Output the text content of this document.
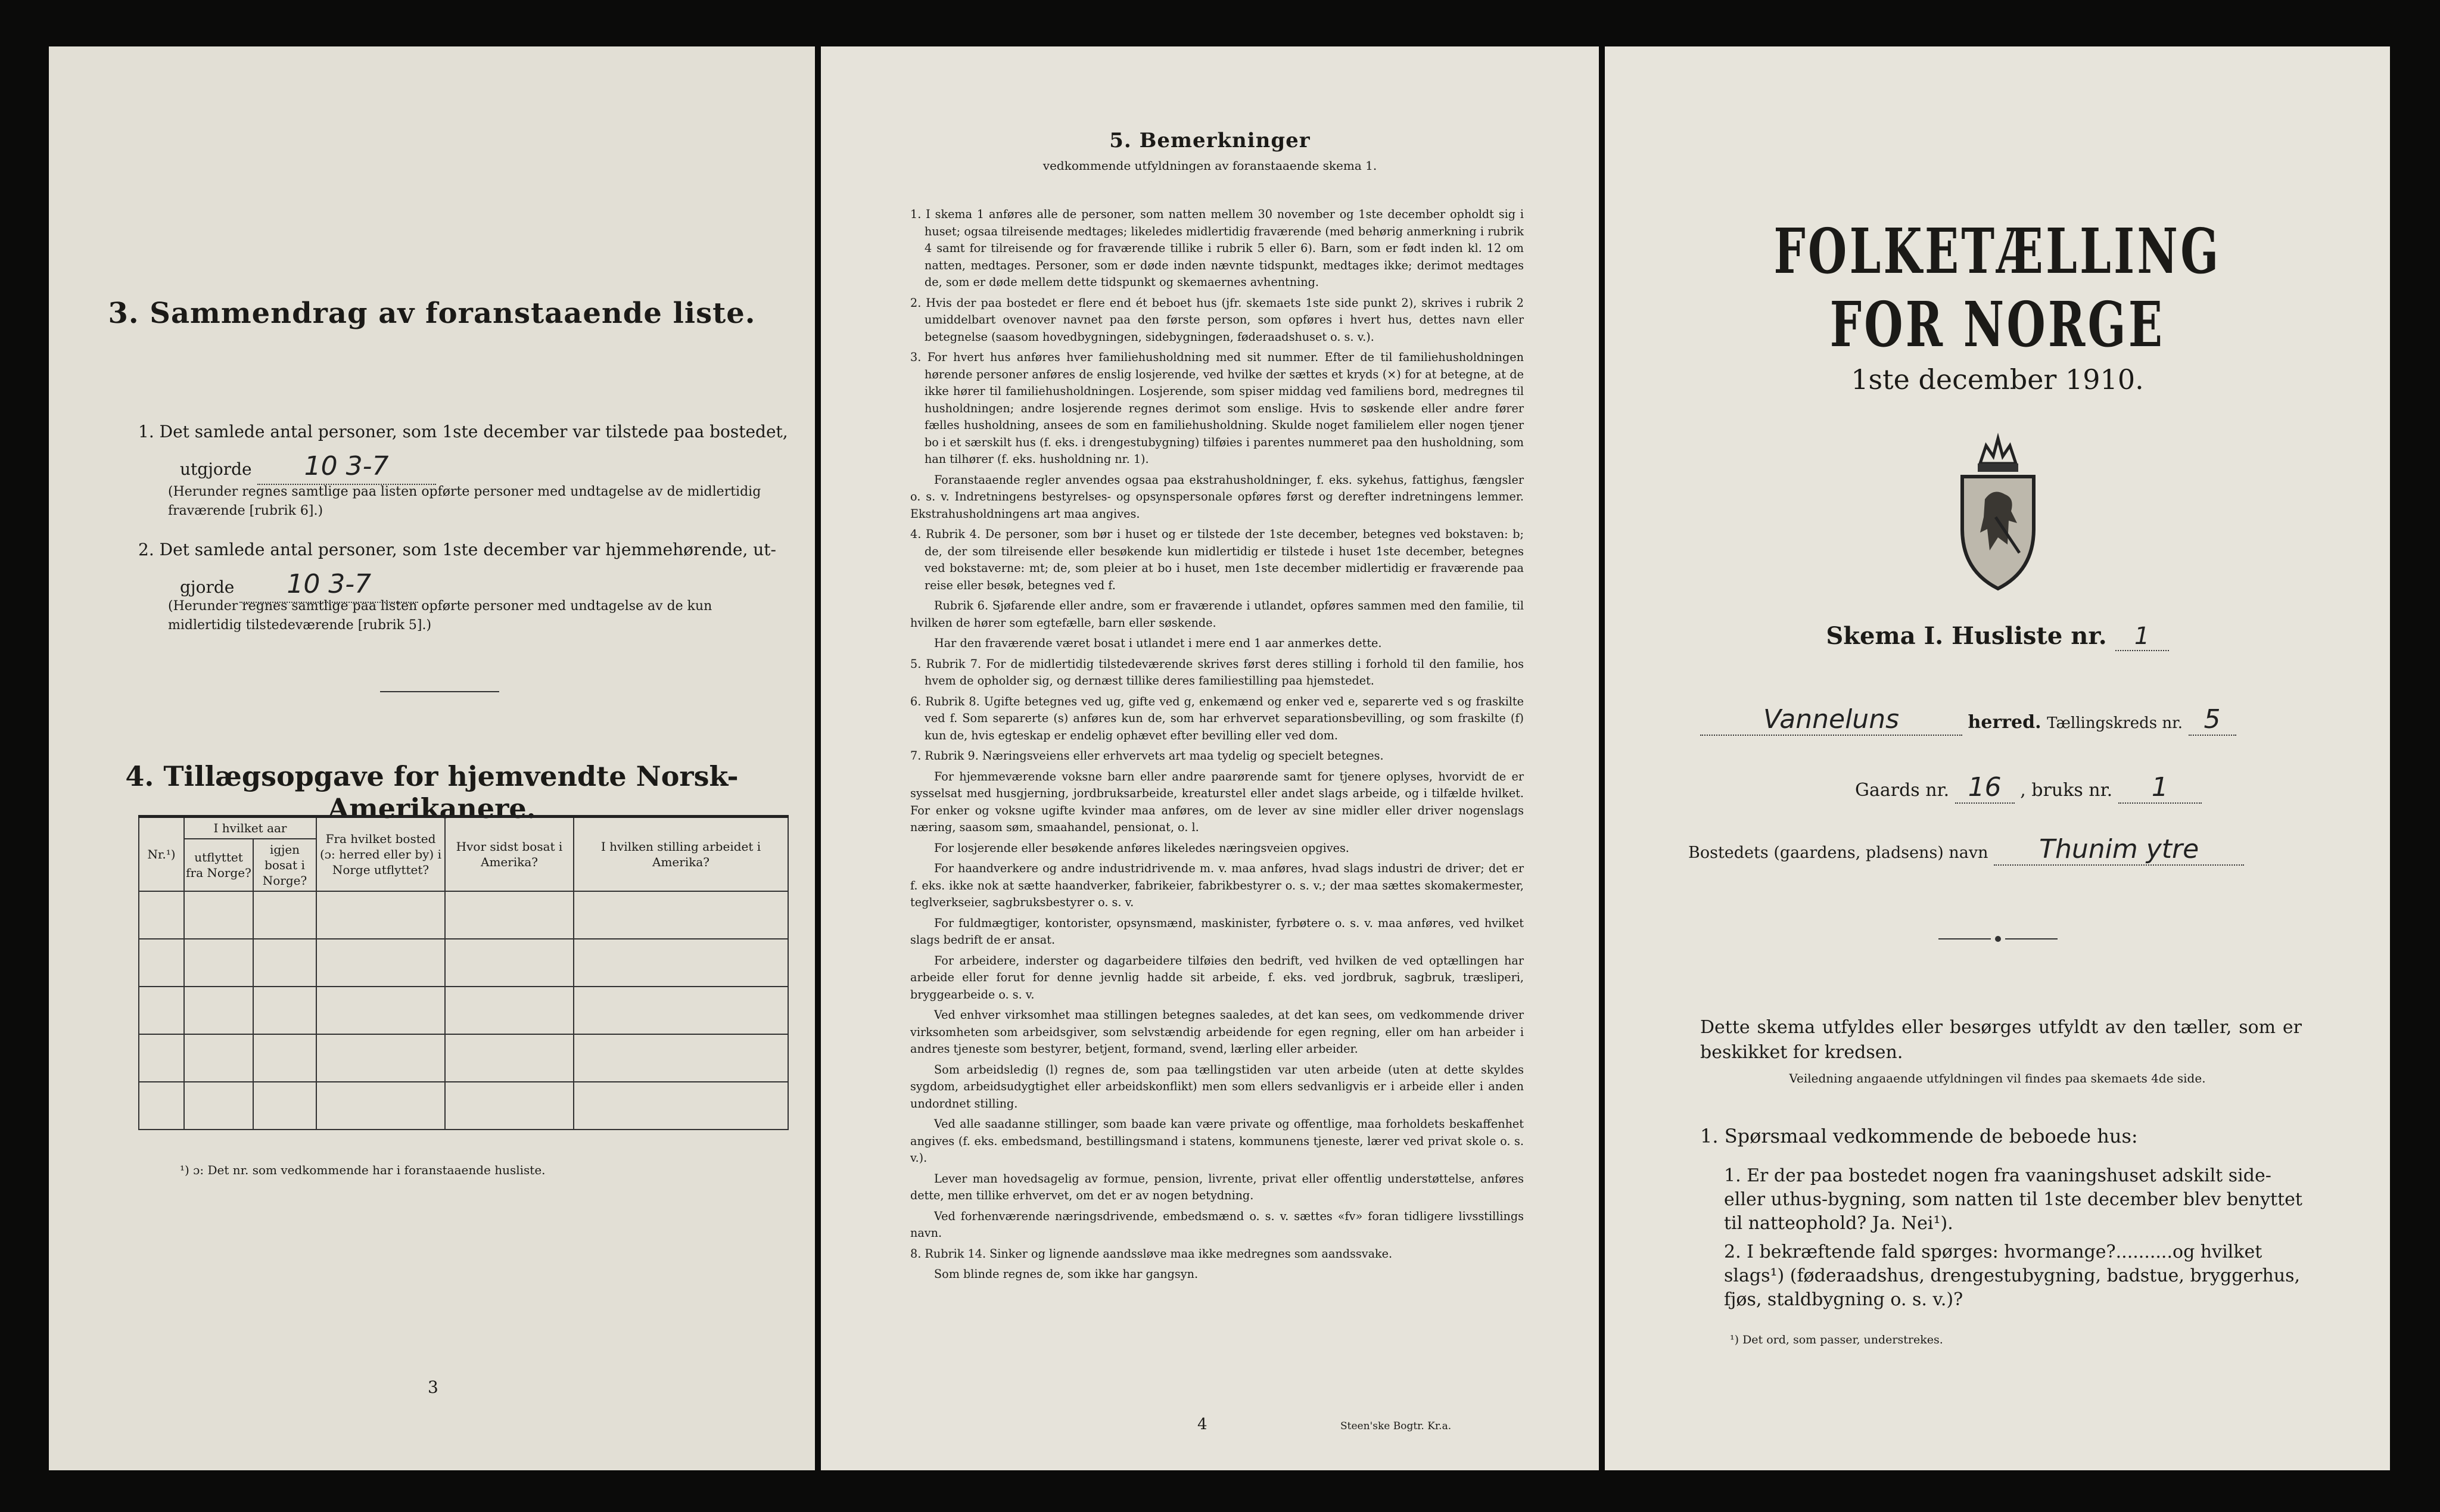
3. Sammendrag av foranstaaende liste.

1. Det samlede antal personer, som 1ste december var tilstede paa bostedet,

utgjorde 10 3-7

(Herunder regnes samtlige paa listen opførte personer med undtagelse av de midlertidig fraværende [rubrik 6].)

2. Det samlede antal personer, som 1ste december var hjemmehørende, ut-

gjorde 10 3-7

(Herunder regnes samtlige paa listen opførte personer med undtagelse av de kun midlertidig tilstedeværende [rubrik 5].)

4. Tillægsopgave for hjemvendte Norsk-Amerikanere.
Nr.¹)	I hvilket aar		Fra hvilket bosted (ɔ: herred eller by) i Norge utflyttet?	Hvor sidst bosat i Amerika?	I hvilken stilling arbeidet i Amerika?
	utflyttet fra Norge?	igjen bosat i Norge?			

¹) ɔ: Det nr. som vedkommende har i foranstaaende husliste.

3

5. Bemerkninger

vedkommende utfyldningen av foranstaaende skema 1.

1. I skema 1 anføres alle de personer, som natten mellem 30 november og 1ste december opholdt sig i huset; ogsaa tilreisende medtages; likeledes midlertidig fraværende (med behørig anmerkning i rubrik 4 samt for tilreisende og for fraværende tillike i rubrik 5 eller 6). Barn, som er født inden kl. 12 om natten, medtages. Personer, som er døde inden nævnte tidspunkt, medtages ikke; derimot medtages de, som er døde mellem dette tidspunkt og skemaernes avhentning.

2. Hvis der paa bostedet er flere end ét beboet hus (jfr. skemaets 1ste side punkt 2), skrives i rubrik 2 umiddelbart ovenover navnet paa den første person, som opføres i hvert hus, dettes navn eller betegnelse (saasom hovedbygningen, sidebygningen, føderaadshuset o. s. v.).

3. For hvert hus anføres hver familiehusholdning med sit nummer. Efter de til familiehusholdningen hørende personer anføres de enslig losjerende, ved hvilke der sættes et kryds (×) for at betegne, at de ikke hører til familiehusholdningen. Losjerende, som spiser middag ved familiens bord, medregnes til husholdningen; andre losjerende regnes derimot som enslige. Hvis to søskende eller andre fører fælles husholdning, ansees de som en familiehusholdning. Skulde noget familielem eller nogen tjener bo i et særskilt hus (f. eks. i drengestubygning) tilføies i parentes nummeret paa den husholdning, som han tilhører (f. eks. husholdning nr. 1).

Foranstaaende regler anvendes ogsaa paa ekstrahusholdninger, f. eks. sykehus, fattighus, fængsler o. s. v. Indretningens bestyrelses- og opsynspersonale opføres først og derefter indretningens lemmer. Ekstrahusholdningens art maa angives.

4. Rubrik 4. De personer, som bør i huset og er tilstede der 1ste december, betegnes ved bokstaven: b; de, der som tilreisende eller besøkende kun midlertidig er tilstede i huset 1ste december, betegnes ved bokstaverne: mt; de, som pleier at bo i huset, men 1ste december midlertidig er fraværende paa reise eller besøk, betegnes ved f.

Rubrik 6. Sjøfarende eller andre, som er fraværende i utlandet, opføres sammen med den familie, til hvilken de hører som egtefælle, barn eller søskende.

Har den fraværende været bosat i utlandet i mere end 1 aar anmerkes dette.

5. Rubrik 7. For de midlertidig tilstedeværende skrives først deres stilling i forhold til den familie, hos hvem de opholder sig, og dernæst tillike deres familiestilling paa hjemstedet.

6. Rubrik 8. Ugifte betegnes ved ug, gifte ved g, enkemænd og enker ved e, separerte ved s og fraskilte ved f. Som separerte (s) anføres kun de, som har erhvervet separationsbevilling, og som fraskilte (f) kun de, hvis egteskap er endelig ophævet efter bevilling eller ved dom.

7. Rubrik 9. Næringsveiens eller erhvervets art maa tydelig og specielt betegnes.

For hjemmeværende voksne barn eller andre paarørende samt for tjenere oplyses, hvorvidt de er sysselsat med husgjerning, jordbruksarbeide, kreaturstel eller andet slags arbeide, og i tilfælde hvilket. For enker og voksne ugifte kvinder maa anføres, om de lever av sine midler eller driver nogenslags næring, saasom søm, smaahandel, pensionat, o. l.

For losjerende eller besøkende anføres likeledes næringsveien opgives.

For haandverkere og andre industridrivende m. v. maa anføres, hvad slags industri de driver; det er f. eks. ikke nok at sætte haandverker, fabrikeier, fabrikbestyrer o. s. v.; der maa sættes skomakermester, teglverkseier, sagbruksbestyrer o. s. v.

For fuldmægtiger, kontorister, opsynsmænd, maskinister, fyrbøtere o. s. v. maa anføres, ved hvilket slags bedrift de er ansat.

For arbeidere, inderster og dagarbeidere tilføies den bedrift, ved hvilken de ved optællingen har arbeide eller forut for denne jevnlig hadde sit arbeide, f. eks. ved jordbruk, sagbruk, træsliperi, bryggearbeide o. s. v.

Ved enhver virksomhet maa stillingen betegnes saaledes, at det kan sees, om vedkommende driver virksomheten som arbeidsgiver, som selvstændig arbeidende for egen regning, eller om han arbeider i andres tjeneste som bestyrer, betjent, formand, svend, lærling eller arbeider.

Som arbeidsledig (l) regnes de, som paa tællingstiden var uten arbeide (uten at dette skyldes sygdom, arbeidsudygtighet eller arbeidskonflikt) men som ellers sedvanligvis er i arbeide eller i anden undordnet stilling.

Ved alle saadanne stillinger, som baade kan være private og offentlige, maa forholdets beskaffenhet angives (f. eks. embedsmand, bestillingsmand i statens, kommunens tjeneste, lærer ved privat skole o. s. v.).

Lever man hovedsagelig av formue, pension, livrente, privat eller offentlig understøttelse, anføres dette, men tillike erhvervet, om det er av nogen betydning.

Ved forhenværende næringsdrivende, embedsmænd o. s. v. sættes «fv» foran tidligere livsstillings navn.

8. Rubrik 14. Sinker og lignende aandssløve maa ikke medregnes som aandssvake.

Som blinde regnes de, som ikke har gangsyn.

4	Steen'ske Bogtr. Kr.a.

FOLKETÆLLING FOR NORGE

1ste december 1910.

Skema I. Husliste nr. 1

Vanneluns	herred. Tællingskreds nr. 5

Gaards nr. 16 , bruks nr. 1

Bostedets (gaardens, pladsens) navn Thunim ytre

Dette skema utfyldes eller besørges utfyldt av den tæller, som er beskikket for kredsen.

Veiledning angaaende utfyldningen vil findes paa skemaets 4de side.

1. Spørsmaal vedkommende de beboede hus:

1. Er der paa bostedet nogen fra vaaningshuset adskilt side- eller uthus-bygning, som natten til 1ste december blev benyttet til natteophold? Ja. Nei¹).

2. I bekræftende fald spørges: hvormange?..........og hvilket slags¹) (føderaadshus, drengestubygning, badstue, bryggerhus, fjøs, staldbygning o. s. v.)?

¹) Det ord, som passer, understrekes.
